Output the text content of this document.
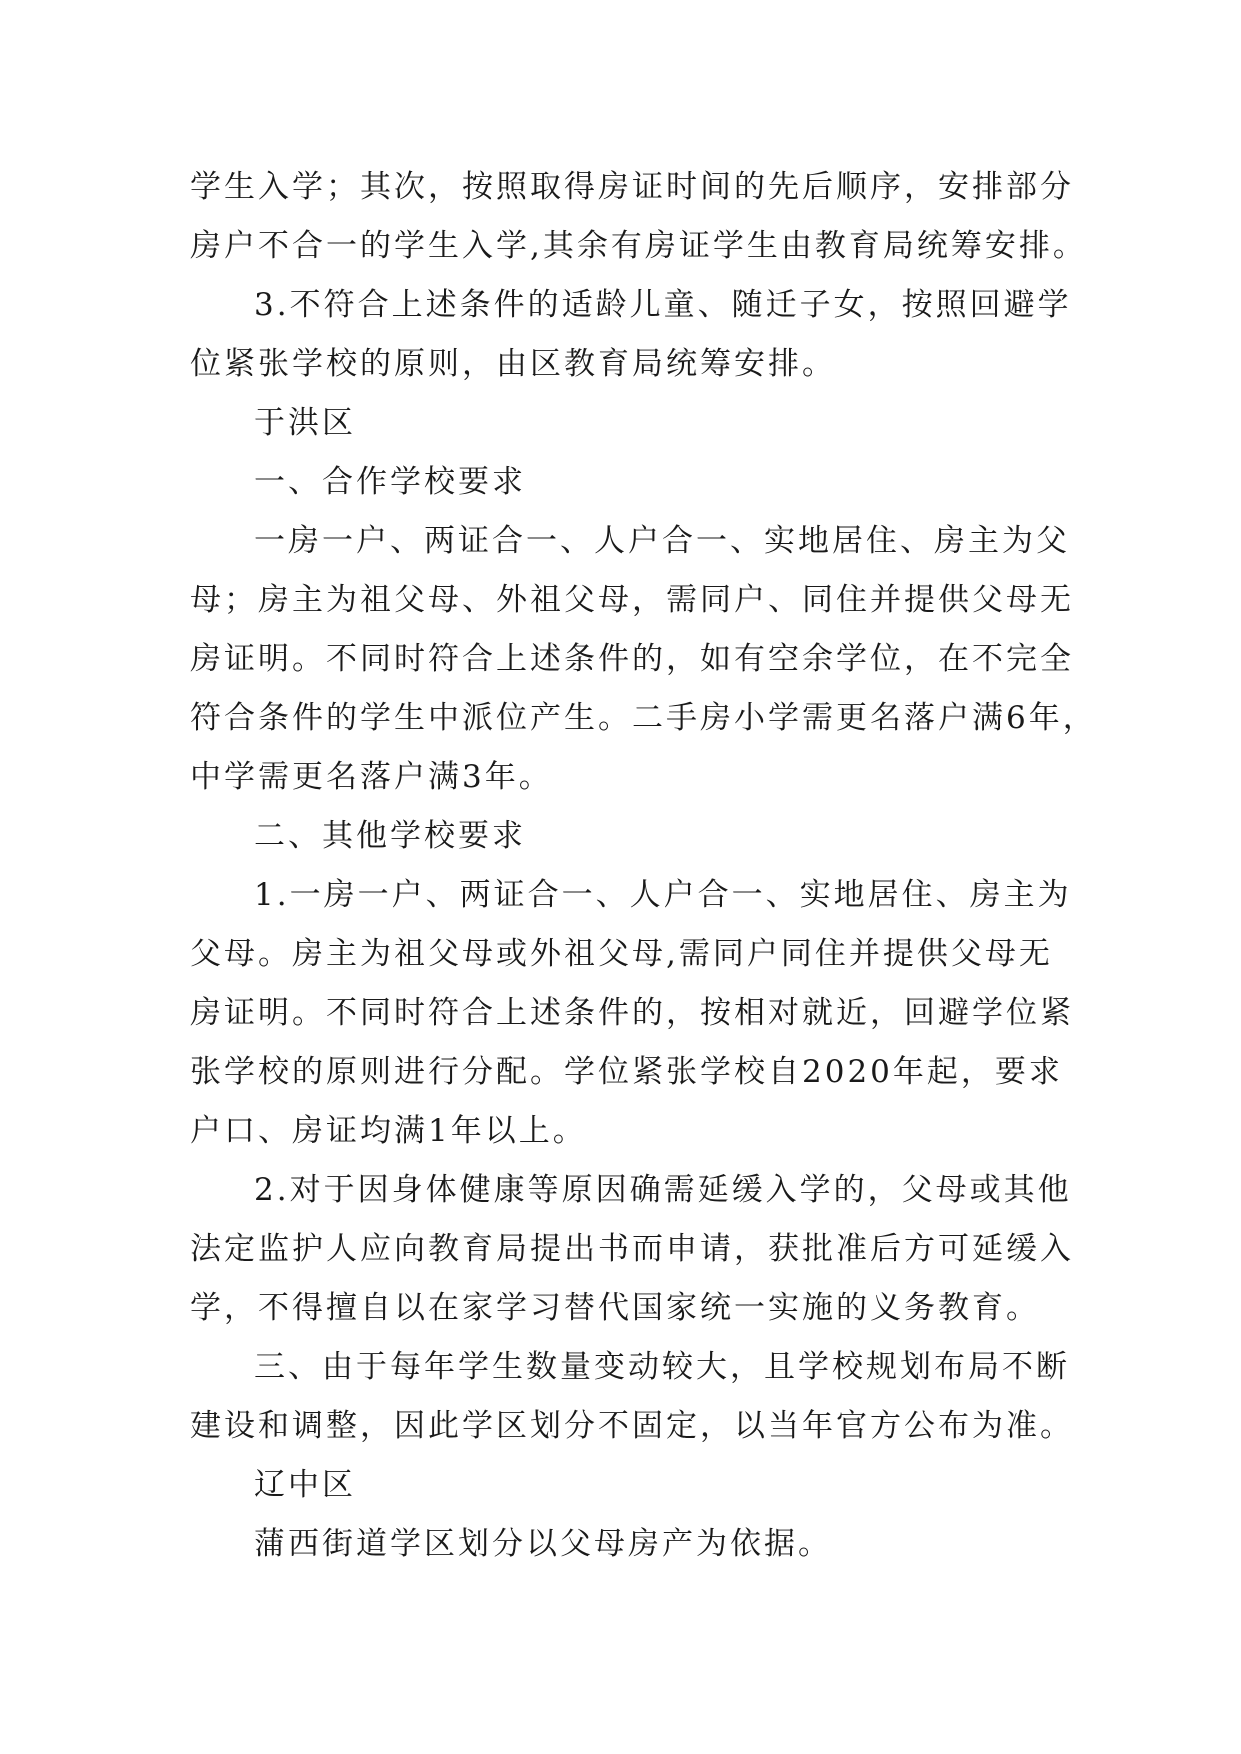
学生入学；其次，按照取得房证时间的先后顺序，安排部分
房户不合一的学生入学,其余有房证学生由教育局统筹安排。
3.不符合上述条件的适龄儿童、随迁子女，按照回避学
位紧张学校的原则，由区教育局统筹安排。
于洪区
一、合作学校要求
一房一户、两证合一、人户合一、实地居住、房主为父
母；房主为祖父母、外祖父母，需同户、同住并提供父母无
房证明。不同时符合上述条件的，如有空余学位，在不完全
符合条件的学生中派位产生。二手房小学需更名落户满6年，
中学需更名落户满3年。
二、其他学校要求
1.一房一户、两证合一、人户合一、实地居住、房主为
父母。房主为祖父母或外祖父母,需同户同住并提供父母无
房证明。不同时符合上述条件的，按相对就近，回避学位紧
张学校的原则进行分配。学位紧张学校自2020年起，要求
户口、房证均满1年以上。
2.对于因身体健康等原因确需延缓入学的，父母或其他
法定监护人应向教育局提出书而申请，获批准后方可延缓入
学，不得擅自以在家学习替代国家统一实施的义务教育。
三、由于每年学生数量变动较大，且学校规划布局不断
建设和调整，因此学区划分不固定，以当年官方公布为准。
辽中区
蒲西街道学区划分以父母房产为依据。
